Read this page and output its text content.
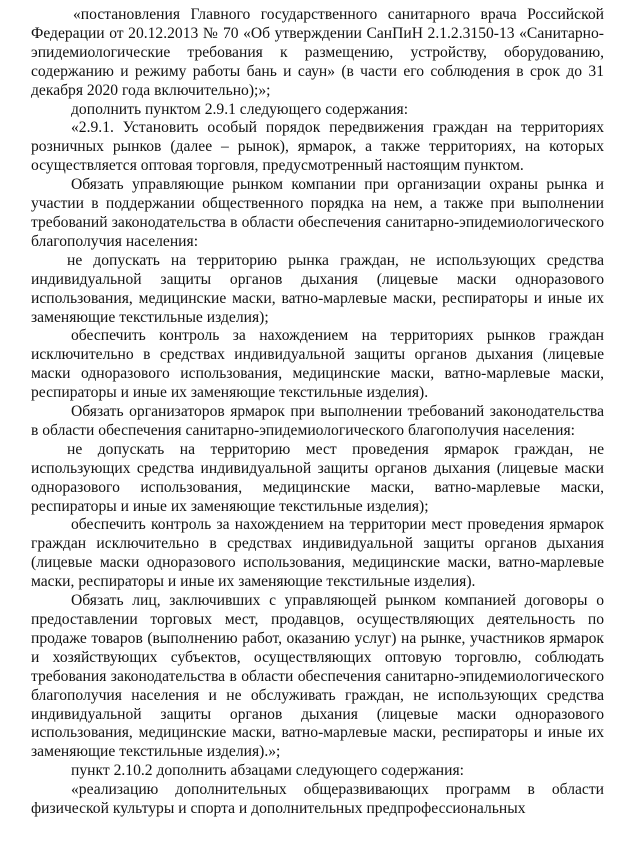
«постановления Главного государственного санитарного врача Российской Федерации от 20.12.2013 № 70 «Об утверждении СанПиН 2.1.2.3150-13 «Санитарно-эпидемиологические требования к размещению, устройству, оборудованию, содержанию и режиму работы бань и саун» (в части его соблюдения в срок до 31 декабря 2020 года включительно);»;

дополнить пунктом 2.9.1 следующего содержания:

«2.9.1. Установить особый порядок передвижения граждан на территориях розничных рынков (далее – рынок), ярмарок, а также территориях, на которых осуществляется оптовая торговля, предусмотренный настоящим пунктом.

Обязать управляющие рынком компании при организации охраны рынка и участии в поддержании общественного порядка на нем, а также при выполнении требований законодательства в области обеспечения санитарно-эпидемиологического благополучия населения:

не допускать на территорию рынка граждан, не использующих средства индивидуальной защиты органов дыхания (лицевые маски одноразового использования, медицинские маски, ватно-марлевые маски, респираторы и иные их заменяющие текстильные изделия);

обеспечить контроль за нахождением на территориях рынков граждан исключительно в средствах индивидуальной защиты органов дыхания (лицевые маски одноразового использования, медицинские маски, ватно-марлевые маски, респираторы и иные их заменяющие текстильные изделия).

Обязать организаторов ярмарок при выполнении требований законодательства в области обеспечения санитарно-эпидемиологического благополучия населения:

не допускать на территорию мест проведения ярмарок граждан, не использующих средства индивидуальной защиты органов дыхания (лицевые маски одноразового использования, медицинские маски, ватно-марлевые маски, респираторы и иные их заменяющие текстильные изделия);

обеспечить контроль за нахождением на территории мест проведения ярмарок граждан исключительно в средствах индивидуальной защиты органов дыхания (лицевые маски одноразового использования, медицинские маски, ватно-марлевые маски, респираторы и иные их заменяющие текстильные изделия).

Обязать лиц, заключивших с управляющей рынком компанией договоры о предоставлении торговых мест, продавцов, осуществляющих деятельность по продаже товаров (выполнению работ, оказанию услуг) на рынке, участников ярмарок и хозяйствующих субъектов, осуществляющих оптовую торговлю, соблюдать требования законодательства в области обеспечения санитарно-эпидемиологического благополучия населения и не обслуживать граждан, не использующих средства индивидуальной защиты органов дыхания (лицевые маски одноразового использования, медицинские маски, ватно-марлевые маски, респираторы и иные их заменяющие текстильные изделия).»;

пункт 2.10.2 дополнить абзацами следующего содержания:

«реализацию дополнительных общеразвивающих программ в области физической культуры и спорта и дополнительных предпрофессиональных
